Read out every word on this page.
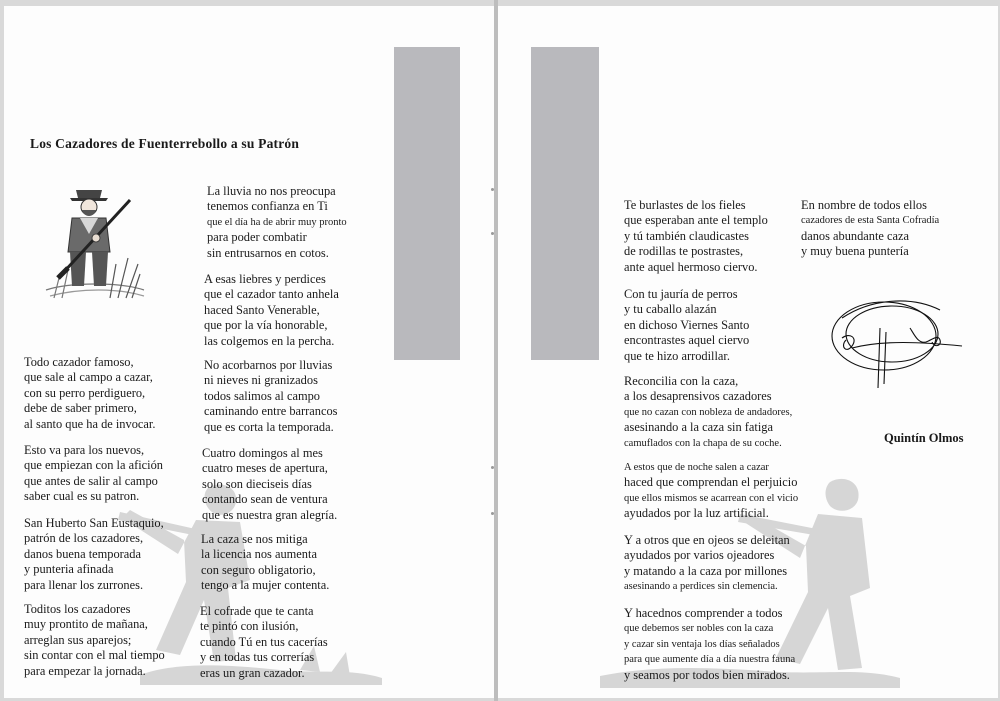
Los Cazadores de Fuenterrebollo a su Patrón
Todo cazador famoso,
que sale al campo a cazar,
con su perro perdiguero,
debe de saber primero,
al santo que ha de invocar.
Esto va para los nuevos,
que empiezan con la afición
que antes de salir al campo
saber cual es su patron.
San Huberto San Eustaquio,
patrón de los cazadores,
danos buena temporada
y punteria afinada
para llenar los zurrones.
Toditos los cazadores
muy prontito de mañana,
arreglan sus aparejos;
sin contar con el mal tiempo
para empezar la jornada.
La lluvia no nos preocupa
tenemos confianza en Ti
que el día ha de abrir muy pronto
para poder combatir
sin entrusarnos en cotos.
A esas liebres y perdices
que el cazador tanto anhela
haced Santo Venerable,
que por la vía honorable,
las colgemos en la percha.
No acorbarnos por lluvias
ni nieves ni granizados
todos salimos al campo
caminando entre barrancos
que es corta la temporada.
Cuatro domingos al mes
cuatro meses de apertura,
solo son dieciseis días
contando sean de ventura
que es nuestra gran alegría.
La caza se nos mitiga
la licencia nos aumenta
con seguro obligatorio,
tengo a la mujer contenta.
El cofrade que te canta
te pintó con ilusión,
cuando Tú en tus cacerías
y en todas tus correrías
eras un gran cazador.
Te burlastes de los fieles
que esperaban ante el templo
y tú también claudicastes
de rodillas te postrastes,
ante aquel hermoso ciervo.
Con tu jauría de perros
y tu caballo alazán
en dichoso Viernes Santo
encontrastes aquel ciervo
que te hizo arrodillar.
Reconcilia con la caza,
a los desaprensivos cazadores
que no cazan con nobleza de andadores,
asesinando a la caza sin fatiga
camuflados con la chapa de su coche.
A estos que de noche salen a cazar
haced que comprendan el perjuicio
que ellos mismos se acarrean con el vicio
ayudados por la luz artificial.
Y a otros que en ojeos se deleitan
ayudados por varios ojeadores
y matando a la caza por millones
asesinando a perdices sin clemencia.
Y hacednos comprender a todos
que debemos ser nobles con la caza
y cazar sin ventaja los días señalados
para que aumente día a día nuestra fauna
y seamos por todos bien mirados.
En nombre de todos ellos
cazadores de esta Santa Cofradía
danos abundante caza
y muy buena puntería
Quintín Olmos
